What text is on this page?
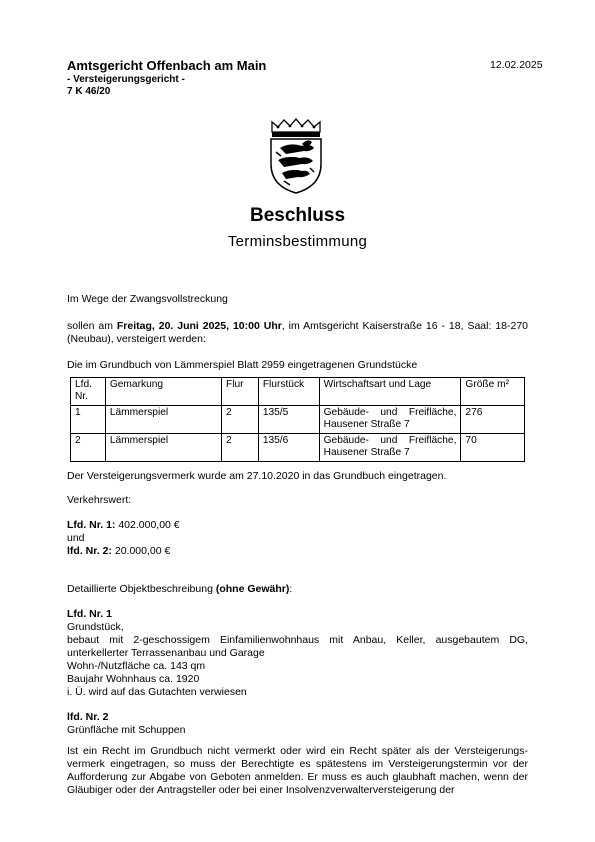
Amtsgericht Offenbach am Main
- Versteigerungsgericht -
7 K 46/20
12.02.2025
Beschluss
Terminsbestimmung
Im Wege der Zwangsvollstreckung
sollen am Freitag, 20. Juni 2025, 10:00 Uhr, im Amtsgericht Kaiserstraße 16 - 18, Saal: 18-270 (Neubau), versteigert werden:
Die im Grundbuch von Lämmerspiel Blatt 2959 eingetragenen Grundstücke
Lfd. Nr.	Gemarkung	Flur	Flurstück	Wirtschaftsart und Lage	Größe m²
1	Lämmerspiel	2	135/5	Gebäude- und Freifläche, Hausener Straße 7	276
2	Lämmerspiel	2	135/6	Gebäude- und Freifläche, Hausener Straße 7	70
Der Versteigerungsvermerk wurde am 27.10.2020 in das Grundbuch eingetragen.
Verkehrswert:
Lfd. Nr. 1: 402.000,00 €
und
lfd. Nr. 2: 20.000,00 €
Detaillierte Objektbeschreibung (ohne Gewähr):
Lfd. Nr. 1
Grundstück,
bebaut mit 2-geschossigem Einfamilienwohnhaus mit Anbau, Keller, ausgebautem DG, unterkellerter Terrassenanbau und Garage
Wohn-/Nutzfläche ca. 143 qm
Baujahr Wohnhaus ca. 1920
i. Ü. wird auf das Gutachten verwiesen
lfd. Nr. 2
Grünfläche mit Schuppen
Ist ein Recht im Grundbuch nicht vermerkt oder wird ein Recht später als der Versteigerungs-vermerk eingetragen, so muss der Berechtigte es spätestens im Versteigerungstermin vor der Aufforderung zur Abgabe von Geboten anmelden. Er muss es auch glaubhaft machen, wenn der Gläubiger oder der Antragsteller oder bei einer Insolvenzverwalterversteigerung der
